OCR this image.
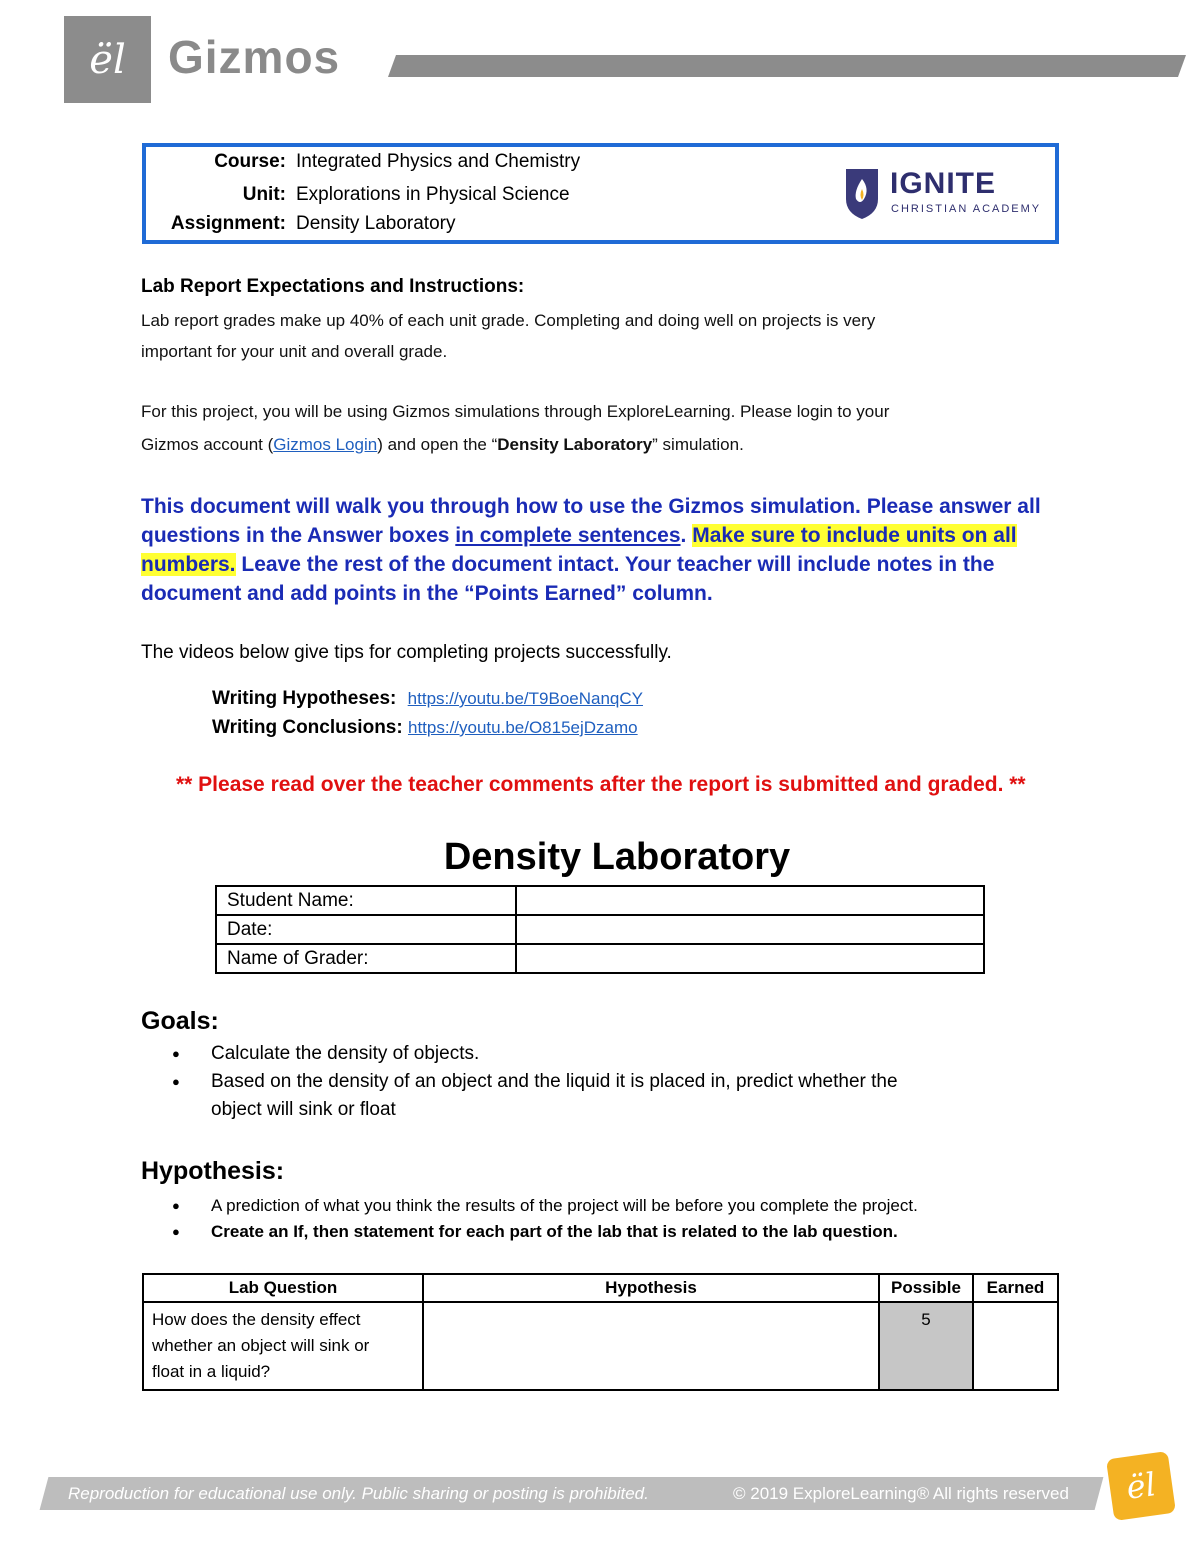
ël Gizmos
Course: Integrated Physics and Chemistry
Unit: Explorations in Physical Science
Assignment: Density Laboratory
IGNITE
CHRISTIAN ACADEMY
Lab Report Expectations and Instructions:
Lab report grades make up 40% of each unit grade. Completing and doing well on projects is very
important for your unit and overall grade.
For this project, you will be using Gizmos simulations through ExploreLearning. Please login to your
Gizmos account (Gizmos Login) and open the “Density Laboratory” simulation.
This document will walk you through how to use the Gizmos simulation. Please answer all
questions in the Answer boxes in complete sentences. Make sure to include units on all
numbers. Leave the rest of the document intact. Your teacher will include notes in the
document and add points in the “Points Earned” column.
The videos below give tips for completing projects successfully.
Writing Hypotheses: https://youtu.be/T9BoeNanqCY
Writing Conclusions: https://youtu.be/O815ejDzamo
** Please read over the teacher comments after the report is submitted and graded. **
Density Laboratory
Student Name:	
Date:	
Name of Grader:	
Goals:
● Calculate the density of objects.
● Based on the density of an object and the liquid it is placed in, predict whether the
object will sink or float
Hypothesis:
● A prediction of what you think the results of the project will be before you complete the project.
● Create an If, then statement for each part of the lab that is related to the lab question.
Lab Question	Hypothesis	Possible	Earned
How does the density effect
whether an object will sink or
float in a liquid?		5	
Reproduction for educational use only. Public sharing or posting is prohibited.	© 2019 ExploreLearning® All rights reserved ël
